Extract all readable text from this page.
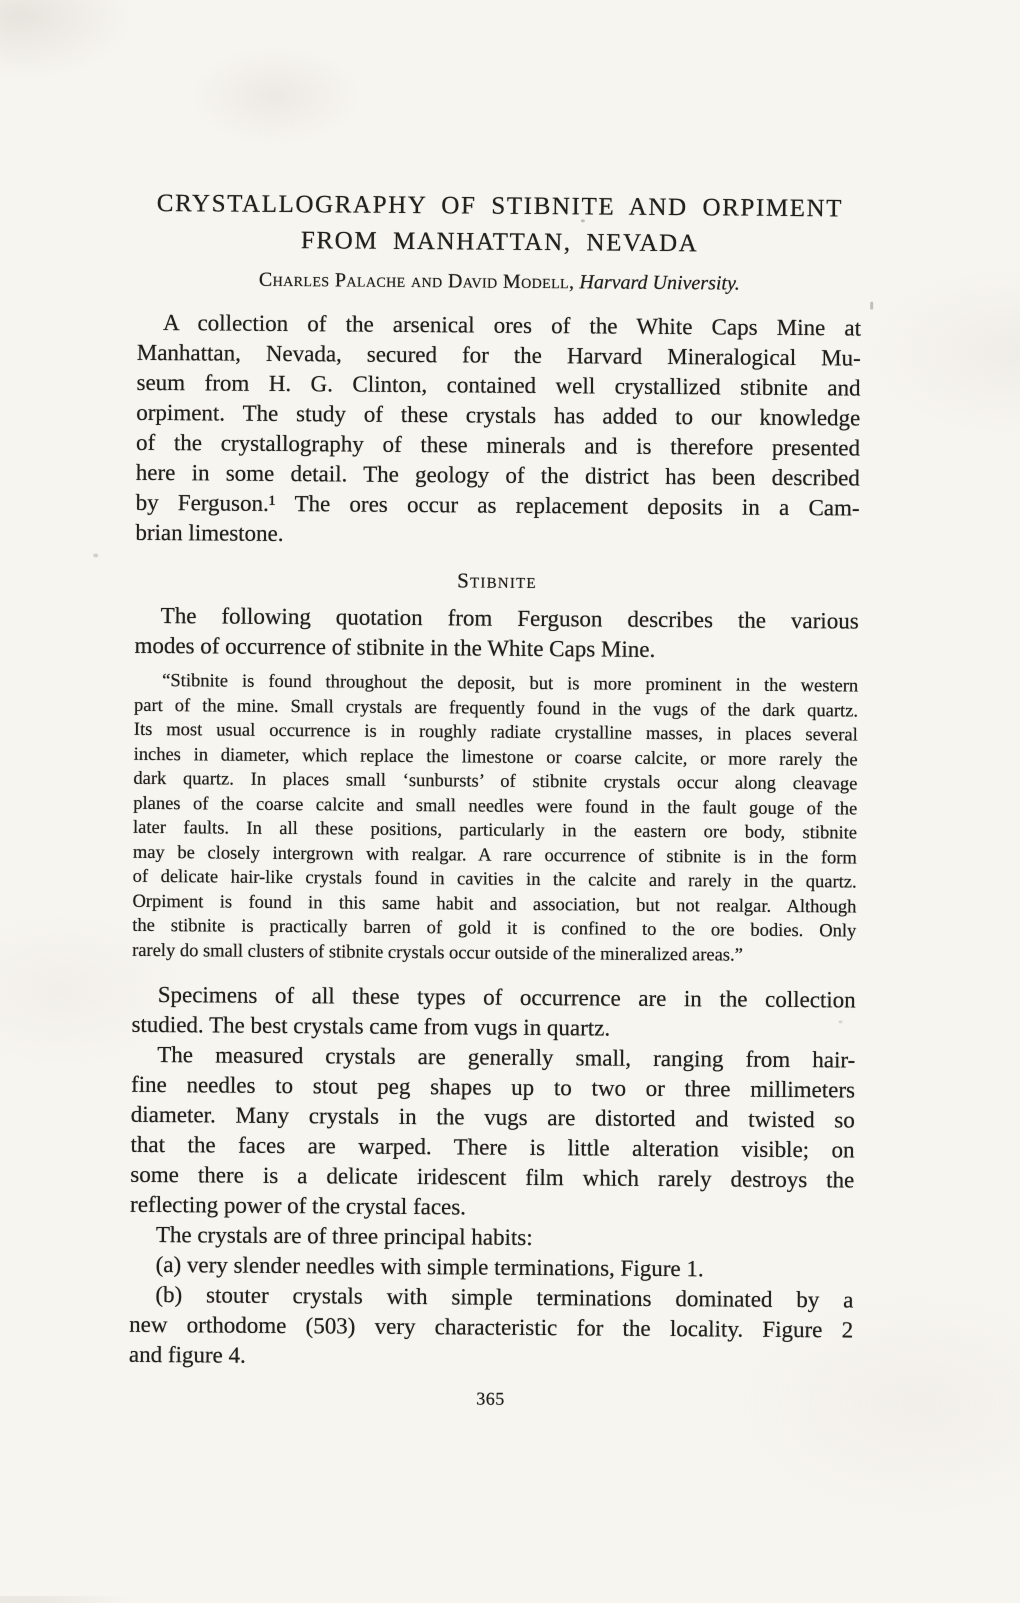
CRYSTALLOGRAPHY OF STIBNITE AND ORPIMENT
FROM MANHATTAN, NEVADA
Charles Palache and David Modell, Harvard University.
A collection of the arsenical ores of the White Caps Mine at
Manhattan, Nevada, secured for the Harvard Mineralogical Mu-
seum from H. G. Clinton, contained well crystallized stibnite and
orpiment. The study of these crystals has added to our knowledge
of the crystallography of these minerals and is therefore presented
here in some detail. The geology of the district has been described
by Ferguson.¹ The ores occur as replacement deposits in a Cam-
brian limestone.
Stibnite
The following quotation from Ferguson describes the various
modes of occurrence of stibnite in the White Caps Mine.
“Stibnite is found throughout the deposit, but is more prominent in the western
part of the mine. Small crystals are frequently found in the vugs of the dark quartz.
Its most usual occurrence is in roughly radiate crystalline masses, in places several
inches in diameter, which replace the limestone or coarse calcite, or more rarely the
dark quartz. In places small ‘sunbursts’ of stibnite crystals occur along cleavage
planes of the coarse calcite and small needles were found in the fault gouge of the
later faults. In all these positions, particularly in the eastern ore body, stibnite
may be closely intergrown with realgar. A rare occurrence of stibnite is in the form
of delicate hair-like crystals found in cavities in the calcite and rarely in the quartz.
Orpiment is found in this same habit and association, but not realgar. Although
the stibnite is practically barren of gold it is confined to the ore bodies. Only
rarely do small clusters of stibnite crystals occur outside of the mineralized areas.”
Specimens of all these types of occurrence are in the collection
studied. The best crystals came from vugs in quartz.
The measured crystals are generally small, ranging from hair-
fine needles to stout peg shapes up to two or three millimeters
diameter. Many crystals in the vugs are distorted and twisted so
that the faces are warped. There is little alteration visible; on
some there is a delicate iridescent film which rarely destroys the
reflecting power of the crystal faces.
The crystals are of three principal habits:
(a) very slender needles with simple terminations, Figure 1.
(b) stouter crystals with simple terminations dominated by a
new orthodome (503) very characteristic for the locality. Figure 2
and figure 4.
365
